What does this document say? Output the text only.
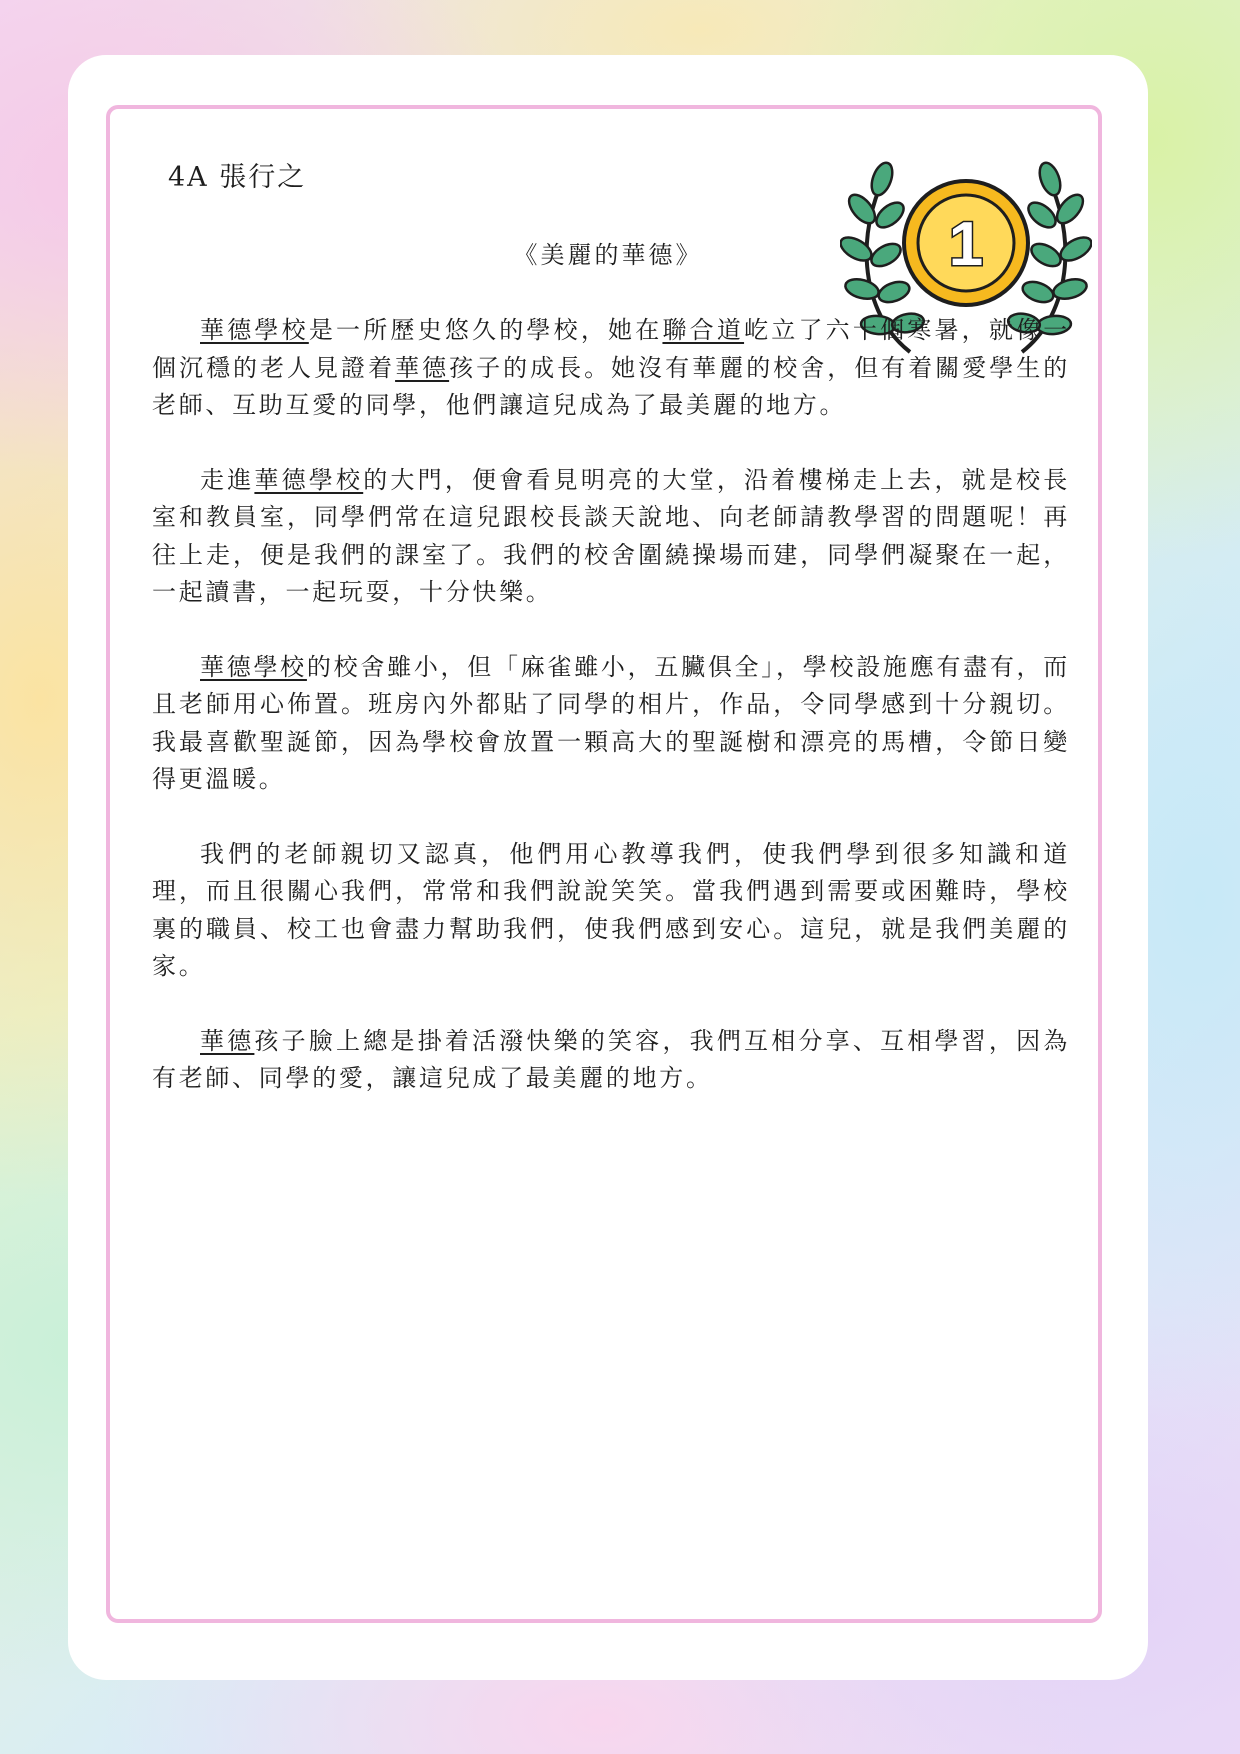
4A 張行之

《美麗的華德》	1

華德學校是一所歷史悠久的學校，她在聯合道屹立了六十個寒暑，就像一個沉穩的老人見證着華德孩子的成長。她沒有華麗的校舍，但有着關愛學生的老師、互助互愛的同學，他們讓這兒成為了最美麗的地方。

走進華德學校的大門，便會看見明亮的大堂，沿着樓梯走上去，就是校長室和教員室，同學們常在這兒跟校長談天說地、向老師請教學習的問題呢！再往上走，便是我們的課室了。我們的校舍圍繞操場而建，同學們凝聚在一起，一起讀書，一起玩耍，十分快樂。

華德學校的校舍雖小，但「麻雀雖小，五臟俱全」，學校設施應有盡有，而且老師用心佈置。班房內外都貼了同學的相片，作品，令同學感到十分親切。我最喜歡聖誕節，因為學校會放置一顆高大的聖誕樹和漂亮的馬槽，令節日變得更溫暖。

我們的老師親切又認真，他們用心教導我們，使我們學到很多知識和道理，而且很關心我們，常常和我們說說笑笑。當我們遇到需要或困難時，學校裏的職員、校工也會盡力幫助我們，使我們感到安心。這兒，就是我們美麗的家。

華德孩子臉上總是掛着活潑快樂的笑容，我們互相分享、互相學習，因為有老師、同學的愛，讓這兒成了最美麗的地方。
